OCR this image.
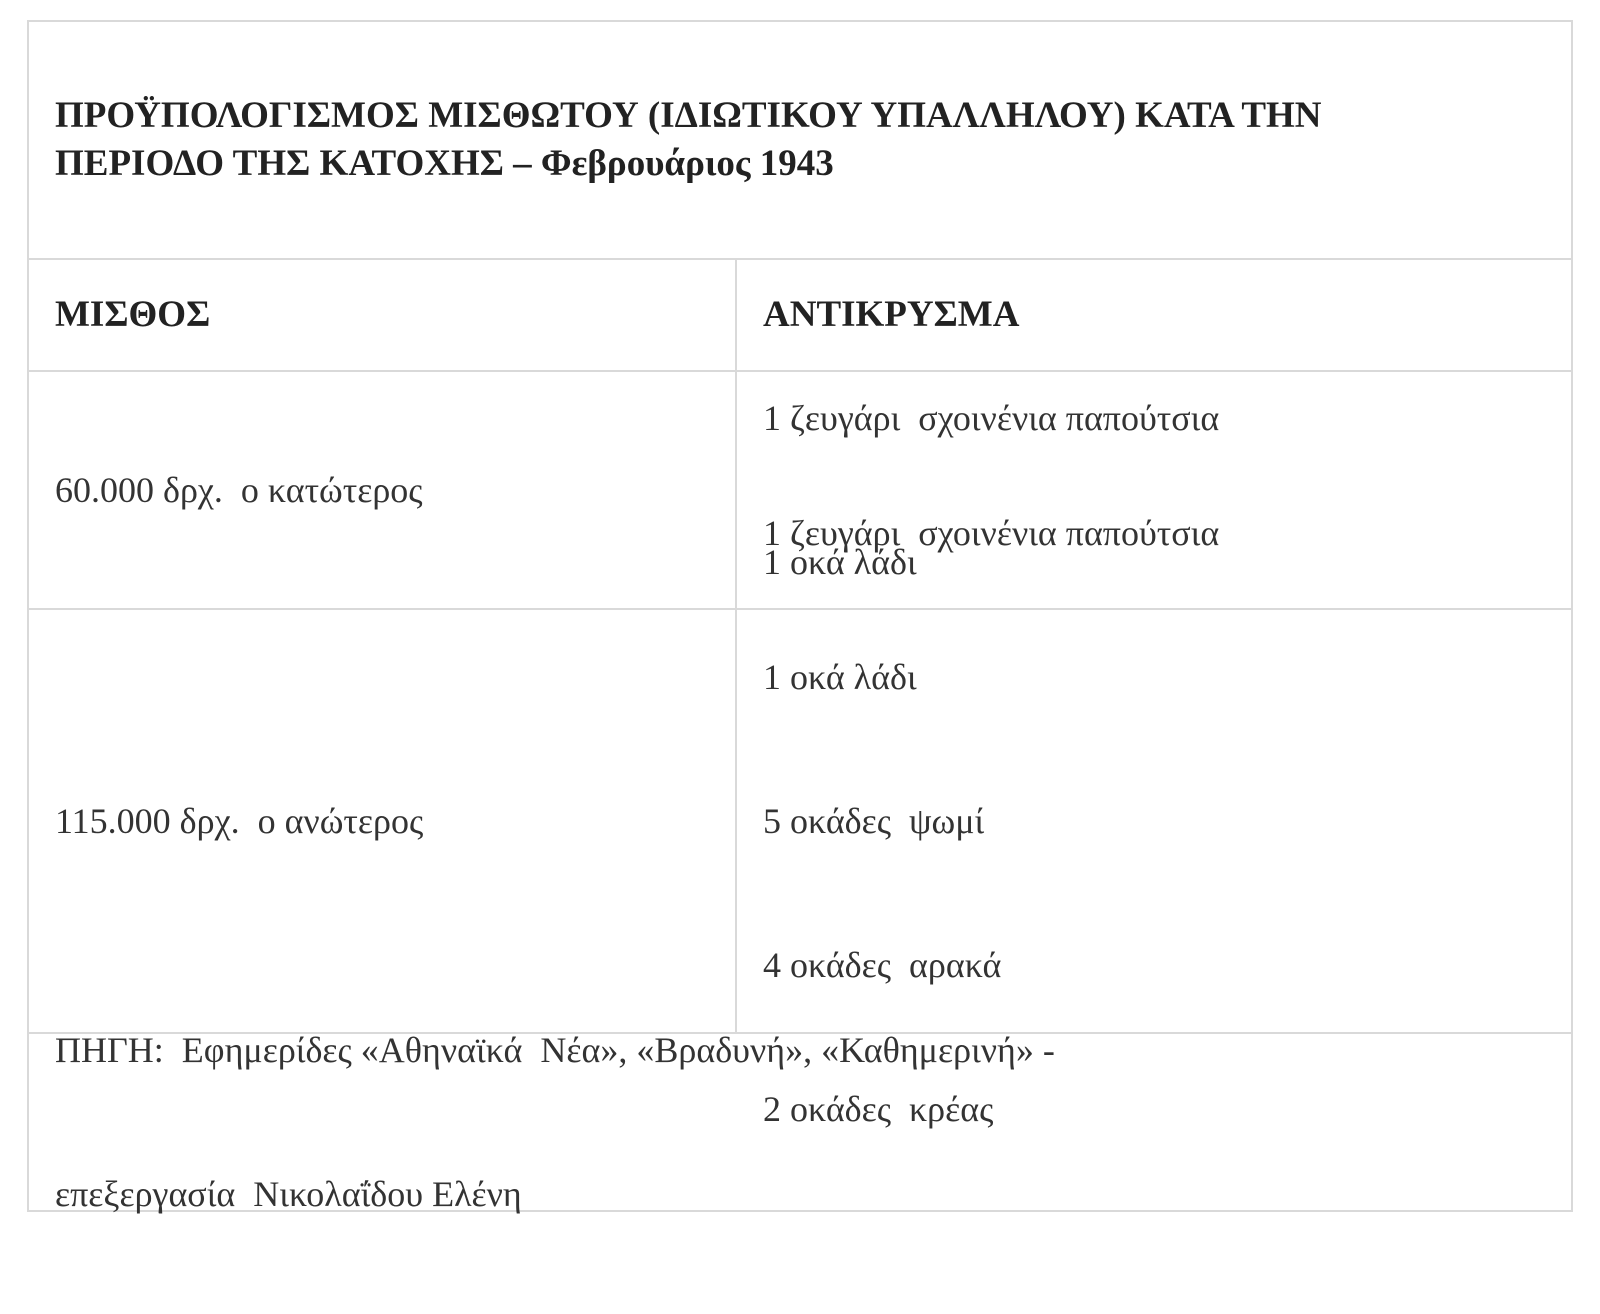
ΠΡΟΫΠΟΛΟΓΙΣΜΟΣ ΜΙΣΘΩΤΟΥ (ΙΔΙΩΤΙΚΟΥ ΥΠΑΛΛΗΛΟΥ) ΚΑΤΑ ΤΗΝ
ΠΕΡΙΟΔΟ ΤΗΣ ΚΑΤΟΧΗΣ – Φεβρουάριος 1943
ΜΙΣΘΟΣ	ΑΝΤΙΚΡΥΣΜΑ
60.000 δρχ.  ο κατώτερος

1 ζευγάρι  σχοινένια παπούτσια

1 οκά λάδι

115.000 δρχ.  ο ανώτερος

1 ζευγάρι  σχοινένια παπούτσια

1 οκά λάδι

5 οκάδες  ψωμί

4 οκάδες  αρακά

2 οκάδες  κρέας

ΠΗΓΗ:  Εφημερίδες «Αθηναϊκά  Νέα», «Βραδυνή», «Καθημερινή» -

επεξεργασία  Νικολαΐδου Ελένη
